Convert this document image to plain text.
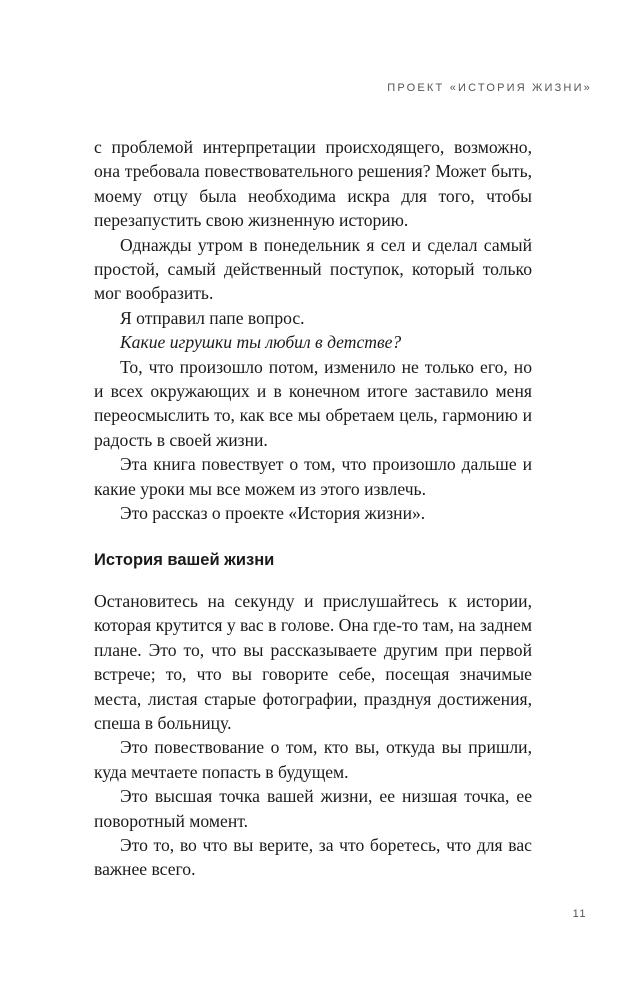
ПРОЕКТ «ИСТОРИЯ ЖИЗНИ»

с проблемой интерпретации происходящего, возможно, она требовала повествовательного решения? Может быть, моему отцу была необходима искра для того, чтобы перезапустить свою жизненную историю.

Однажды утром в понедельник я сел и сделал самый простой, самый действенный поступок, который только мог вообразить.

Я отправил папе вопрос.

Какие игрушки ты любил в детстве?

То, что произошло потом, изменило не только его, но и всех окружающих и в конечном итоге заставило меня переосмыслить то, как все мы обретаем цель, гармонию и радость в своей жизни.

Эта книга повествует о том, что произошло дальше и какие уроки мы все можем из этого извлечь.

Это рассказ о проекте «История жизни».

История вашей жизни

Остановитесь на секунду и прислушайтесь к истории, которая крутится у вас в голове. Она где-то там, на заднем плане. Это то, что вы рассказываете другим при первой встрече; то, что вы говорите себе, посещая значимые места, листая старые фотографии, празднуя достижения, спеша в больницу.

Это повествование о том, кто вы, откуда вы пришли, куда мечтаете попасть в будущем.

Это высшая точка вашей жизни, ее низшая точка, ее поворотный момент.

Это то, во что вы верите, за что боретесь, что для вас важнее всего.

11
